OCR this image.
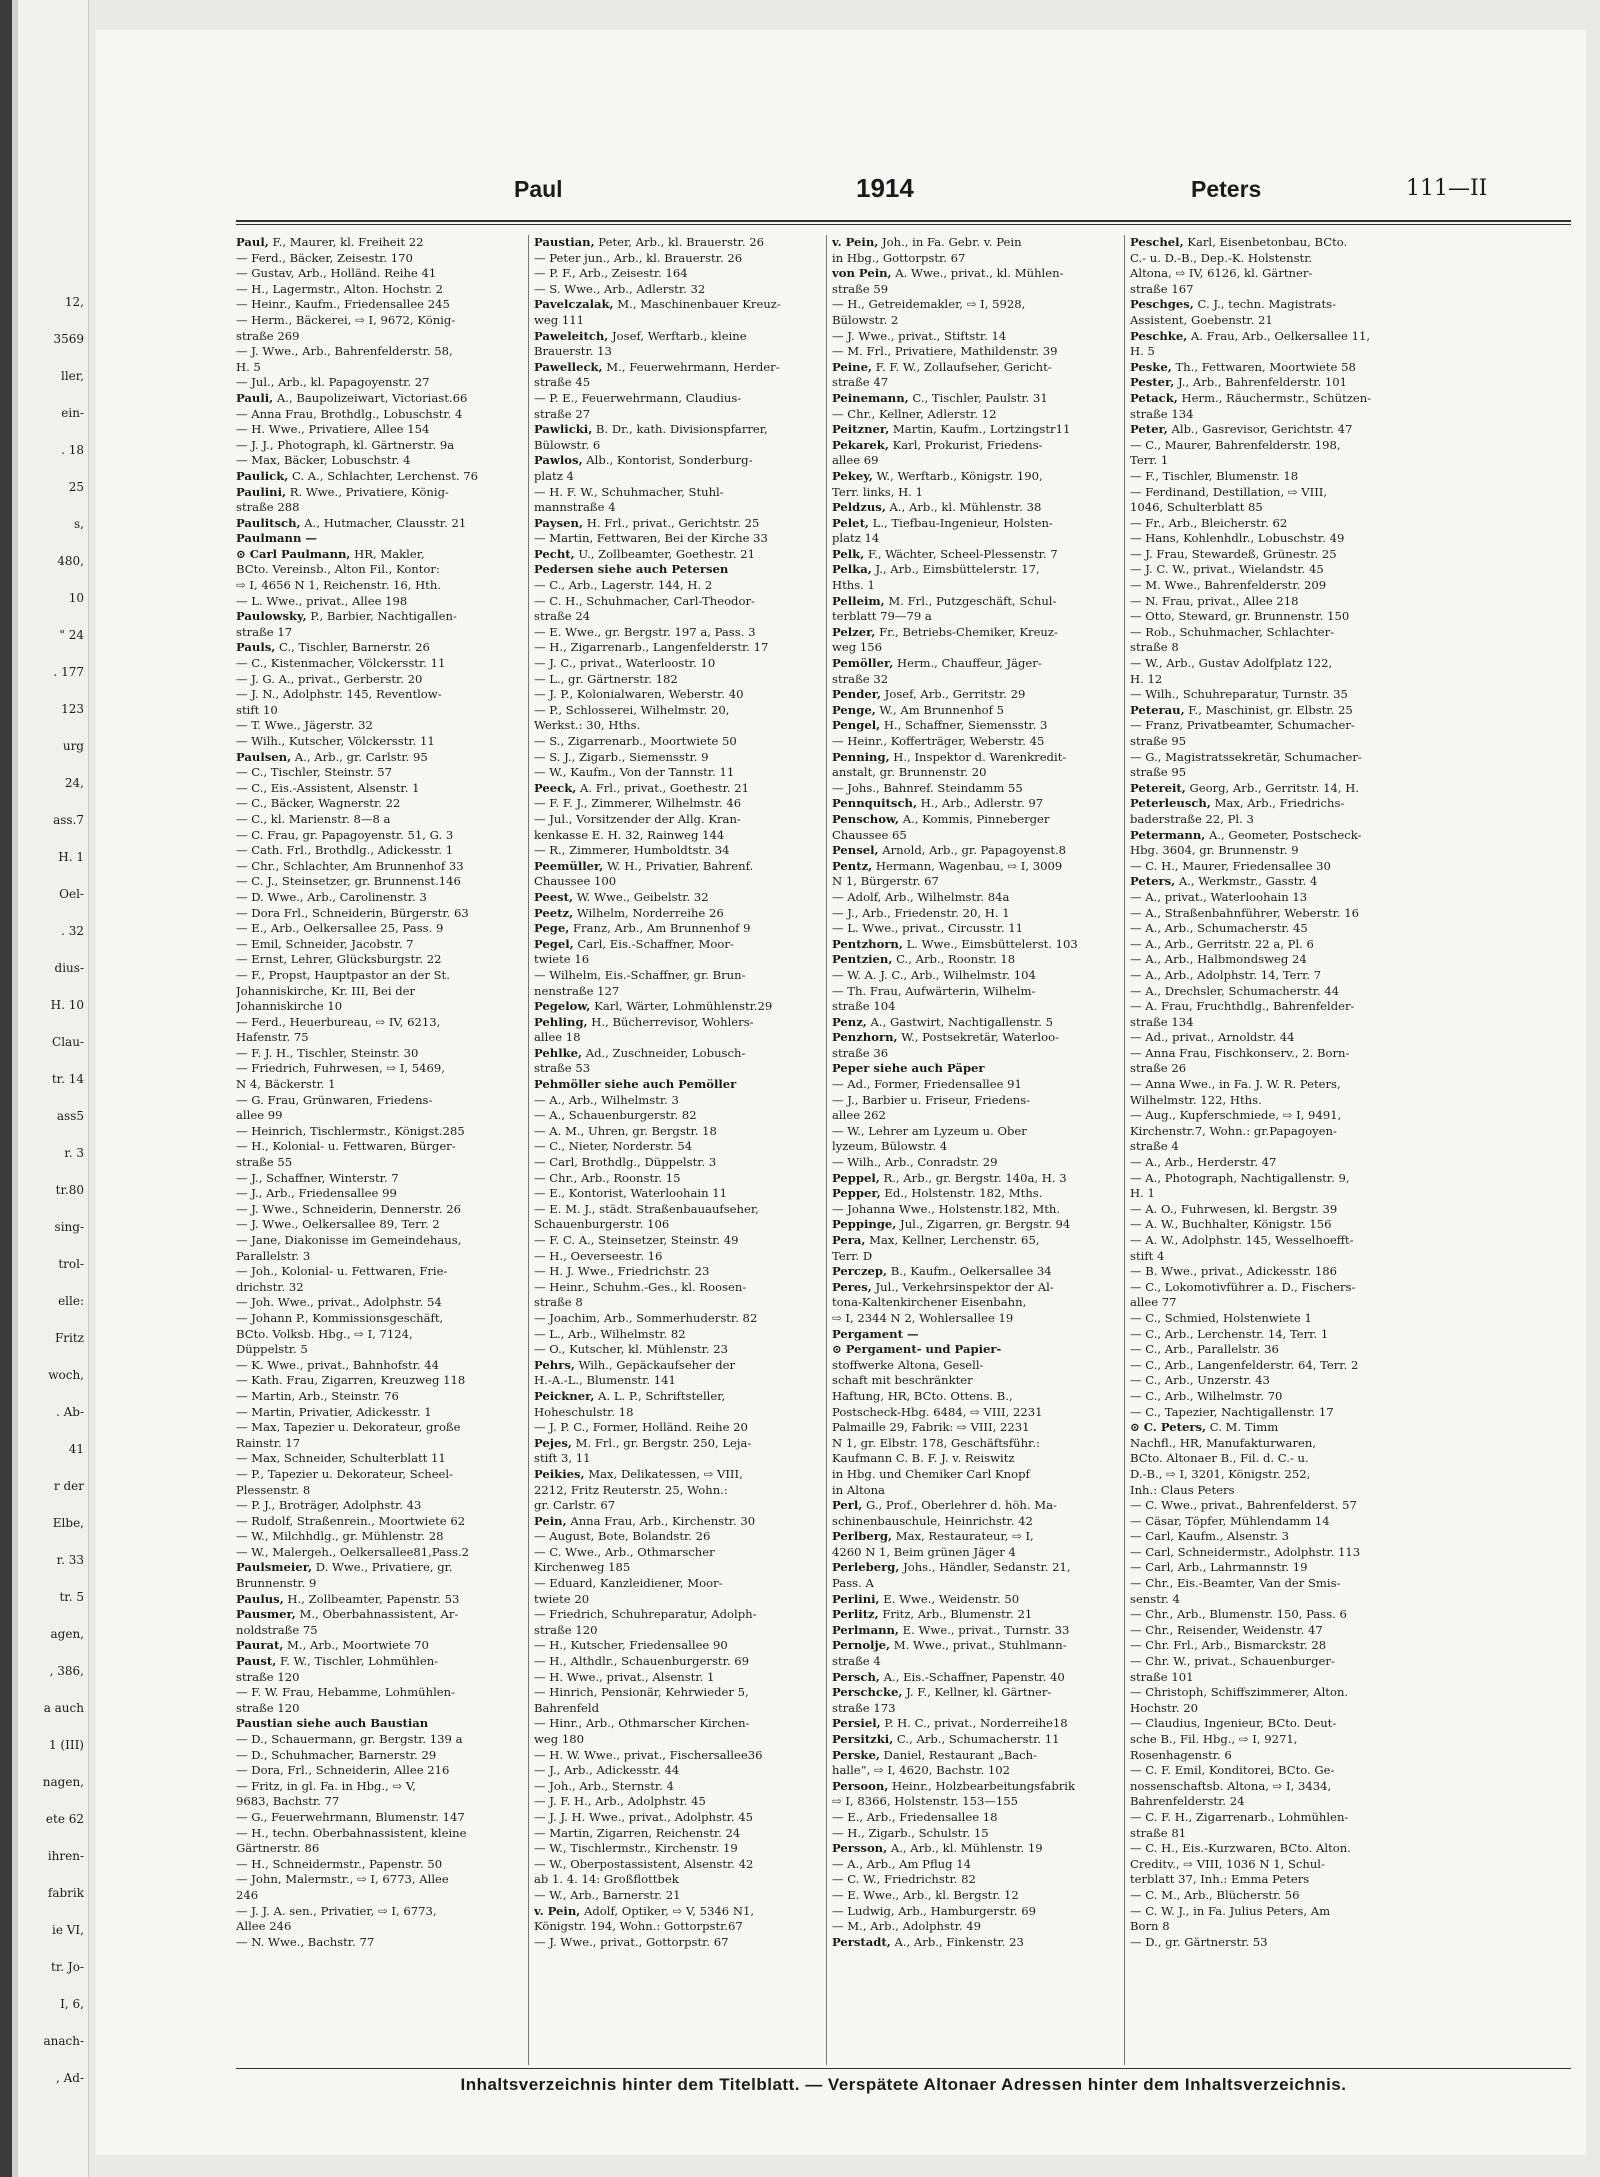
12,
3569
ller,
ein-
. 18
25
s,
480,
10
" 24
. 177
123
urg
24,
ass.7
H. 1
Oel-
. 32
dius-
H. 10
Clau-
tr. 14
ass5
r. 3
tr.80
sing-
trol-
elle:
Fritz
woch,
. Ab-
41
r der
Elbe,
r. 33
tr. 5
agen,
, 386,
a auch
1 (III)
nagen,
ete 62
ihren-
fabrik
ie VI,
tr. Jo-
I, 6,
anach-
, Ad-
Paul	1914	Peters	111—II
Paul, F., Maurer, kl. Freiheit 22
— Ferd., Bäcker, Zeisestr. 170
— Gustav, Arb., Holländ. Reihe 41
— H., Lagermstr., Alton. Hochstr. 2
— Heinr., Kaufm., Friedensallee 245
— Herm., Bäckerei, ⇨ I, 9672, König-
straße 269
— J. Wwe., Arb., Bahrenfelderstr. 58,
H. 5
— Jul., Arb., kl. Papagoyenstr. 27
Pauli, A., Baupolizeiwart, Victoriast.66
— Anna Frau, Brothdlg., Lobuschstr. 4
— H. Wwe., Privatiere, Allee 154
— J. J., Photograph, kl. Gärtnerstr. 9a
— Max, Bäcker, Lobuschstr. 4
Paulick, C. A., Schlachter, Lerchenst. 76
Paulini, R. Wwe., Privatiere, König-
straße 288
Paulitsch, A., Hutmacher, Clausstr. 21
Paulmann —
⊙ Carl Paulmann, HR, Makler,
BCto. Vereinsb., Alton Fil., Kontor:
⇨ I, 4656 N 1, Reichenstr. 16, Hth.
— L. Wwe., privat., Allee 198
Paulowsky, P., Barbier, Nachtigallen-
straße 17
Pauls, C., Tischler, Barnerstr. 26
— C., Kistenmacher, Völckersstr. 11
— J. G. A., privat., Gerberstr. 20
— J. N., Adolphstr. 145, Reventlow-
stift 10
— T. Wwe., Jägerstr. 32
— Wilh., Kutscher, Völckersstr. 11
Paulsen, A., Arb., gr. Carlstr. 95
— C., Tischler, Steinstr. 57
— C., Eis.-Assistent, Alsenstr. 1
— C., Bäcker, Wagnerstr. 22
— C., kl. Marienstr. 8—8 a
— C. Frau, gr. Papagoyenstr. 51, G. 3
— Cath. Frl., Brothdlg., Adickesstr. 1
— Chr., Schlachter, Am Brunnenhof 33
— C. J., Steinsetzer, gr. Brunnenst.146
— D. Wwe., Arb., Carolinenstr. 3
— Dora Frl., Schneiderin, Bürgerstr. 63
— E., Arb., Oelkersallee 25, Pass. 9
— Emil, Schneider, Jacobstr. 7
— Ernst, Lehrer, Glücksburgstr. 22
— F., Propst, Hauptpastor an der St.
Johanniskirche, Kr. III, Bei der
Johanniskirche 10
— Ferd., Heuerbureau, ⇨ IV, 6213,
Hafenstr. 75
— F. J. H., Tischler, Steinstr. 30
— Friedrich, Fuhrwesen, ⇨ I, 5469,
N 4, Bäckerstr. 1
— G. Frau, Grünwaren, Friedens-
allee 99
— Heinrich, Tischlermstr., Königst.285
— H., Kolonial- u. Fettwaren, Bürger-
straße 55
— J., Schaffner, Winterstr. 7
— J., Arb., Friedensallee 99
— J. Wwe., Schneiderin, Dennerstr. 26
— J. Wwe., Oelkersallee 89, Terr. 2
— Jane, Diakonisse im Gemeindehaus,
Parallelstr. 3
— Joh., Kolonial- u. Fettwaren, Frie-
drichstr. 32
— Joh. Wwe., privat., Adolphstr. 54
— Johann P., Kommissionsgeschäft,
BCto. Volksb. Hbg., ⇨ I, 7124,
Düppelstr. 5
— K. Wwe., privat., Bahnhofstr. 44
— Kath. Frau, Zigarren, Kreuzweg 118
— Martin, Arb., Steinstr. 76
— Martin, Privatier, Adickesstr. 1
— Max, Tapezier u. Dekorateur, große
Rainstr. 17
— Max, Schneider, Schulterblatt 11
— P., Tapezier u. Dekorateur, Scheel-
Plessenstr. 8
— P. J., Broträger, Adolphstr. 43
— Rudolf, Straßenrein., Moortwiete 62
— W., Milchhdlg., gr. Mühlenstr. 28
— W., Malergeh., Oelkersallee81,Pass.2
Paulsmeier, D. Wwe., Privatiere, gr.
Brunnenstr. 9
Paulus, H., Zollbeamter, Papenstr. 53
Pausmer, M., Oberbahnassistent, Ar-
noldstraße 75
Paurat, M., Arb., Moortwiete 70
Paust, F. W., Tischler, Lohmühlen-
straße 120
— F. W. Frau, Hebamme, Lohmühlen-
straße 120
Paustian siehe auch Baustian
— D., Schauermann, gr. Bergstr. 139 a
— D., Schuhmacher, Barnerstr. 29
— Dora, Frl., Schneiderin, Allee 216
— Fritz, in gl. Fa. in Hbg., ⇨ V,
9683, Bachstr. 77
— G., Feuerwehrmann, Blumenstr. 147
— H., techn. Oberbahnassistent, kleine
Gärtnerstr. 86
— H., Schneidermstr., Papenstr. 50
— John, Malermstr., ⇨ I, 6773, Allee
246
— J. J. A. sen., Privatier, ⇨ I, 6773,
Allee 246
— N. Wwe., Bachstr. 77
Paustian, Peter, Arb., kl. Brauerstr. 26
— Peter jun., Arb., kl. Brauerstr. 26
— P. F., Arb., Zeisestr. 164
— S. Wwe., Arb., Adlerstr. 32
Pavelczalak, M., Maschinenbauer Kreuz-
weg 111
Paweleitch, Josef, Werftarb., kleine
Brauerstr. 13
Pawelleck, M., Feuerwehrmann, Herder-
straße 45
— P. E., Feuerwehrmann, Claudius-
straße 27
Pawlicki, B. Dr., kath. Divisionspfarrer,
Bülowstr. 6
Pawlos, Alb., Kontorist, Sonderburg-
platz 4
— H. F. W., Schuhmacher, Stuhl-
mannstraße 4
Paysen, H. Frl., privat., Gerichtstr. 25
— Martin, Fettwaren, Bei der Kirche 33
Pecht, U., Zollbeamter, Goethestr. 21
Pedersen siehe auch Petersen
— C., Arb., Lagerstr. 144, H. 2
— C. H., Schuhmacher, Carl-Theodor-
straße 24
— E. Wwe., gr. Bergstr. 197 a, Pass. 3
— H., Zigarrenarb., Langenfelderstr. 17
— J. C., privat., Waterloostr. 10
— L., gr. Gärtnerstr. 182
— J. P., Kolonialwaren, Weberstr. 40
— P., Schlosserei, Wilhelmstr. 20,
Werkst.: 30, Hths.
— S., Zigarrenarb., Moortwiete 50
— S. J., Zigarb., Siemensstr. 9
— W., Kaufm., Von der Tannstr. 11
Peeck, A. Frl., privat., Goethestr. 21
— F. F. J., Zimmerer, Wilhelmstr. 46
— Jul., Vorsitzender der Allg. Kran-
kenkasse E. H. 32, Rainweg 144
— R., Zimmerer, Humboldtstr. 34
Peemüller, W. H., Privatier, Bahrenf.
Chaussee 100
Peest, W. Wwe., Geibelstr. 32
Peetz, Wilhelm, Norderreihe 26
Pege, Franz, Arb., Am Brunnenhof 9
Pegel, Carl, Eis.-Schaffner, Moor-
twiete 16
— Wilhelm, Eis.-Schaffner, gr. Brun-
nenstraße 127
Pegelow, Karl, Wärter, Lohmühlenstr.29
Pehling, H., Bücherrevisor, Wohlers-
allee 18
Pehlke, Ad., Zuschneider, Lobusch-
straße 53
Pehmöller siehe auch Pemöller
— A., Arb., Wilhelmstr. 3
— A., Schauenburgerstr. 82
— A. M., Uhren, gr. Bergstr. 18
— C., Nieter, Norderstr. 54
— Carl, Brothdlg., Düppelstr. 3
— Chr., Arb., Roonstr. 15
— E., Kontorist, Waterloohain 11
— E. M. J., städt. Straßenbauaufseher,
Schauenburgerstr. 106
— F. C. A., Steinsetzer, Steinstr. 49
— H., Oeverseestr. 16
— H. J. Wwe., Friedrichstr. 23
— Heinr., Schuhm.-Ges., kl. Roosen-
straße 8
— Joachim, Arb., Sommerhuderstr. 82
— L., Arb., Wilhelmstr. 82
— O., Kutscher, kl. Mühlenstr. 23
Pehrs, Wilh., Gepäckaufseher der
H.-A.-L., Blumenstr. 141
Peickner, A. L. P., Schriftsteller,
Hoheschulstr. 18
— J. P. C., Former, Holländ. Reihe 20
Pejes, M. Frl., gr. Bergstr. 250, Leja-
stift 3, 11
Peikies, Max, Delikatessen, ⇨ VIII,
2212, Fritz Reuterstr. 25, Wohn.:
gr. Carlstr. 67
Pein, Anna Frau, Arb., Kirchenstr. 30
— August, Bote, Bolandstr. 26
— C. Wwe., Arb., Othmarscher
Kirchenweg 185
— Eduard, Kanzleidiener, Moor-
twiete 20
— Friedrich, Schuhreparatur, Adolph-
straße 120
— H., Kutscher, Friedensallee 90
— H., Althdlr., Schauenburgerstr. 69
— H. Wwe., privat., Alsenstr. 1
— Hinrich, Pensionär, Kehrwieder 5,
Bahrenfeld
— Hinr., Arb., Othmarscher Kirchen-
weg 180
— H. W. Wwe., privat., Fischersallee36
— J., Arb., Adickesstr. 44
— Joh., Arb., Sternstr. 4
— J. F. H., Arb., Adolphstr. 45
— J. J. H. Wwe., privat., Adolphstr. 45
— Martin, Zigarren, Reichenstr. 24
— W., Tischlermstr., Kirchenstr. 19
— W., Oberpostassistent, Alsenstr. 42
ab 1. 4. 14: Großflottbek
— W., Arb., Barnerstr. 21
v. Pein, Adolf, Optiker, ⇨ V, 5346 N1,
Königstr. 194, Wohn.: Gottorpstr.67
— J. Wwe., privat., Gottorpstr. 67
v. Pein, Joh., in Fa. Gebr. v. Pein
in Hbg., Gottorpstr. 67
von Pein, A. Wwe., privat., kl. Mühlen-
straße 59
— H., Getreidemakler, ⇨ I, 5928,
Bülowstr. 2
— J. Wwe., privat., Stiftstr. 14
— M. Frl., Privatiere, Mathildenstr. 39
Peine, F. F. W., Zollaufseher, Gericht-
straße 47
Peinemann, C., Tischler, Paulstr. 31
— Chr., Kellner, Adlerstr. 12
Peitzner, Martin, Kaufm., Lortzingstr11
Pekarek, Karl, Prokurist, Friedens-
allee 69
Pekey, W., Werftarb., Königstr. 190,
Terr. links, H. 1
Peldzus, A., Arb., kl. Mühlenstr. 38
Pelet, L., Tiefbau-Ingenieur, Holsten-
platz 14
Pelk, F., Wächter, Scheel-Plessenstr. 7
Pelka, J., Arb., Eimsbüttelerstr. 17,
Hths. 1
Pelleim, M. Frl., Putzgeschäft, Schul-
terblatt 79—79 a
Pelzer, Fr., Betriebs-Chemiker, Kreuz-
weg 156
Pemöller, Herm., Chauffeur, Jäger-
straße 32
Pender, Josef, Arb., Gerritstr. 29
Penge, W., Am Brunnenhof 5
Pengel, H., Schaffner, Siemensstr. 3
— Heinr., Kofferträger, Weberstr. 45
Penning, H., Inspektor d. Warenkredit-
anstalt, gr. Brunnenstr. 20
— Johs., Bahnref. Steindamm 55
Pennquitsch, H., Arb., Adlerstr. 97
Penschow, A., Kommis, Pinneberger
Chaussee 65
Pensel, Arnold, Arb., gr. Papagoyenst.8
Pentz, Hermann, Wagenbau, ⇨ I, 3009
N 1, Bürgerstr. 67
— Adolf, Arb., Wilhelmstr. 84a
— J., Arb., Friedenstr. 20, H. 1
— L. Wwe., privat., Circusstr. 11
Pentzhorn, L. Wwe., Eimsbüttelerst. 103
Pentzien, C., Arb., Roonstr. 18
— W. A. J. C., Arb., Wilhelmstr. 104
— Th. Frau, Aufwärterin, Wilhelm-
straße 104
Penz, A., Gastwirt, Nachtigallenstr. 5
Penzhorn, W., Postsekretär, Waterloo-
straße 36
Peper siehe auch Päper
— Ad., Former, Friedensallee 91
— J., Barbier u. Friseur, Friedens-
allee 262
— W., Lehrer am Lyzeum u. Ober
lyzeum, Bülowstr. 4
— Wilh., Arb., Conradstr. 29
Peppel, R., Arb., gr. Bergstr. 140a, H. 3
Pepper, Ed., Holstenstr. 182, Mths.
— Johanna Wwe., Holstenstr.182, Mth.
Peppinge, Jul., Zigarren, gr. Bergstr. 94
Pera, Max, Kellner, Lerchenstr. 65,
Terr. D
Perczep, B., Kaufm., Oelkersallee 34
Peres, Jul., Verkehrsinspektor der Al-
tona-Kaltenkirchener Eisenbahn,
⇨ I, 2344 N 2, Wohlersallee 19
Pergament —
⊙ Pergament- und Papier-
stoffwerke Altona, Gesell-
schaft mit beschränkter
Haftung, HR, BCto. Ottens. B.,
Postscheck-Hbg. 6484, ⇨ VIII, 2231
Palmaille 29, Fabrik: ⇨ VIII, 2231
N 1, gr. Elbstr. 178, Geschäftsführ.:
Kaufmann C. B. F. J. v. Reiswitz
in Hbg. und Chemiker Carl Knopf
in Altona
Perl, G., Prof., Oberlehrer d. höh. Ma-
schinenbauschule, Heinrichstr. 42
Perlberg, Max, Restaurateur, ⇨ I,
4260 N 1, Beim grünen Jäger 4
Perleberg, Johs., Händler, Sedanstr. 21,
Pass. A
Perlini, E. Wwe., Weidenstr. 50
Perlitz, Fritz, Arb., Blumenstr. 21
Perlmann, E. Wwe., privat., Turnstr. 33
Pernolje, M. Wwe., privat., Stuhlmann-
straße 4
Persch, A., Eis.-Schaffner, Papenstr. 40
Perschcke, J. F., Kellner, kl. Gärtner-
straße 173
Persiel, P. H. C., privat., Norderreihe18
Persitzki, C., Arb., Schumacherstr. 11
Perske, Daniel, Restaurant „Bach-
halle“, ⇨ I, 4620, Bachstr. 102
Persoon, Heinr., Holzbearbeitungsfabrik
⇨ I, 8366, Holstenstr. 153—155
— E., Arb., Friedensallee 18
— H., Zigarb., Schulstr. 15
Persson, A., Arb., kl. Mühlenstr. 19
— A., Arb., Am Pflug 14
— C. W., Friedrichstr. 82
— E. Wwe., Arb., kl. Bergstr. 12
— Ludwig, Arb., Hamburgerstr. 69
— M., Arb., Adolphstr. 49
Perstadt, A., Arb., Finkenstr. 23
Peschel, Karl, Eisenbetonbau, BCto.
C.- u. D.-B., Dep.-K. Holstenstr.
Altona, ⇨ IV, 6126, kl. Gärtner-
straße 167
Peschges, C. J., techn. Magistrats-
Assistent, Goebenstr. 21
Peschke, A. Frau, Arb., Oelkersallee 11,
H. 5
Peske, Th., Fettwaren, Moortwiete 58
Pester, J., Arb., Bahrenfelderstr. 101
Petack, Herm., Räuchermstr., Schützen-
straße 134
Peter, Alb., Gasrevisor, Gerichtstr. 47
— C., Maurer, Bahrenfelderstr. 198,
Terr. 1
— F., Tischler, Blumenstr. 18
— Ferdinand, Destillation, ⇨ VIII,
1046, Schulterblatt 85
— Fr., Arb., Bleicherstr. 62
— Hans, Kohlenhdlr., Lobuschstr. 49
— J. Frau, Stewardeß, Grünestr. 25
— J. C. W., privat., Wielandstr. 45
— M. Wwe., Bahrenfelderstr. 209
— N. Frau, privat., Allee 218
— Otto, Steward, gr. Brunnenstr. 150
— Rob., Schuhmacher, Schlachter-
straße 8
— W., Arb., Gustav Adolfplatz 122,
H. 12
— Wilh., Schuhreparatur, Turnstr. 35
Peterau, F., Maschinist, gr. Elbstr. 25
— Franz, Privatbeamter, Schumacher-
straße 95
— G., Magistratssekretär, Schumacher-
straße 95
Petereit, Georg, Arb., Gerritstr. 14, H.
Peterleusch, Max, Arb., Friedrichs-
baderstraße 22, Pl. 3
Petermann, A., Geometer, Postscheck-
Hbg. 3604, gr. Brunnenstr. 9
— C. H., Maurer, Friedensallee 30
Peters, A., Werkmstr., Gasstr. 4
— A., privat., Waterloohain 13
— A., Straßenbahnführer, Weberstr. 16
— A., Arb., Schumacherstr. 45
— A., Arb., Gerritstr. 22 a, Pl. 6
— A., Arb., Halbmondsweg 24
— A., Arb., Adolphstr. 14, Terr. 7
— A., Drechsler, Schumacherstr. 44
— A. Frau, Fruchthdlg., Bahrenfelder-
straße 134
— Ad., privat., Arnoldstr. 44
— Anna Frau, Fischkonserv., 2. Born-
straße 26
— Anna Wwe., in Fa. J. W. R. Peters,
Wilhelmstr. 122, Hths.
— Aug., Kupferschmiede, ⇨ I, 9491,
Kirchenstr.7, Wohn.: gr.Papagoyen-
straße 4
— A., Arb., Herderstr. 47
— A., Photograph, Nachtigallenstr. 9,
H. 1
— A. O., Fuhrwesen, kl. Bergstr. 39
— A. W., Buchhalter, Königstr. 156
— A. W., Adolphstr. 145, Wesselhoefft-
stift 4
— B. Wwe., privat., Adickesstr. 186
— C., Lokomotivführer a. D., Fischers-
allee 77
— C., Schmied, Holstenwiete 1
— C., Arb., Lerchenstr. 14, Terr. 1
— C., Arb., Parallelstr. 36
— C., Arb., Langenfelderstr. 64, Terr. 2
— C., Arb., Unzerstr. 43
— C., Arb., Wilhelmstr. 70
— C., Tapezier, Nachtigallenstr. 17
⊙ C. Peters, C. M. Timm
Nachfl., HR, Manufakturwaren,
BCto. Altonaer B., Fil. d. C.- u.
D.-B., ⇨ I, 3201, Königstr. 252,
Inh.: Claus Peters
— C. Wwe., privat., Bahrenfelderst. 57
— Cäsar, Töpfer, Mühlendamm 14
— Carl, Kaufm., Alsenstr. 3
— Carl, Schneidermstr., Adolphstr. 113
— Carl, Arb., Lahrmannstr. 19
— Chr., Eis.-Beamter, Van der Smis-
senstr. 4
— Chr., Arb., Blumenstr. 150, Pass. 6
— Chr., Reisender, Weidenstr. 47
— Chr. Frl., Arb., Bismarckstr. 28
— Chr. W., privat., Schauenburger-
straße 101
— Christoph, Schiffszimmerer, Alton.
Hochstr. 20
— Claudius, Ingenieur, BCto. Deut-
sche B., Fil. Hbg., ⇨ I, 9271,
Rosenhagenstr. 6
— C. F. Emil, Konditorei, BCto. Ge-
nossenschaftsb. Altona, ⇨ I, 3434,
Bahrenfelderstr. 24
— C. F. H., Zigarrenarb., Lohmühlen-
straße 81
— C. H., Eis.-Kurzwaren, BCto. Alton.
Creditv., ⇨ VIII, 1036 N 1, Schul-
terblatt 37, Inh.: Emma Peters
— C. M., Arb., Blücherstr. 56
— C. W. J., in Fa. Julius Peters, Am
Born 8
— D., gr. Gärtnerstr. 53
Inhaltsverzeichnis hinter dem Titelblatt. — Verspätete Altonaer Adressen hinter dem Inhaltsverzeichnis.
